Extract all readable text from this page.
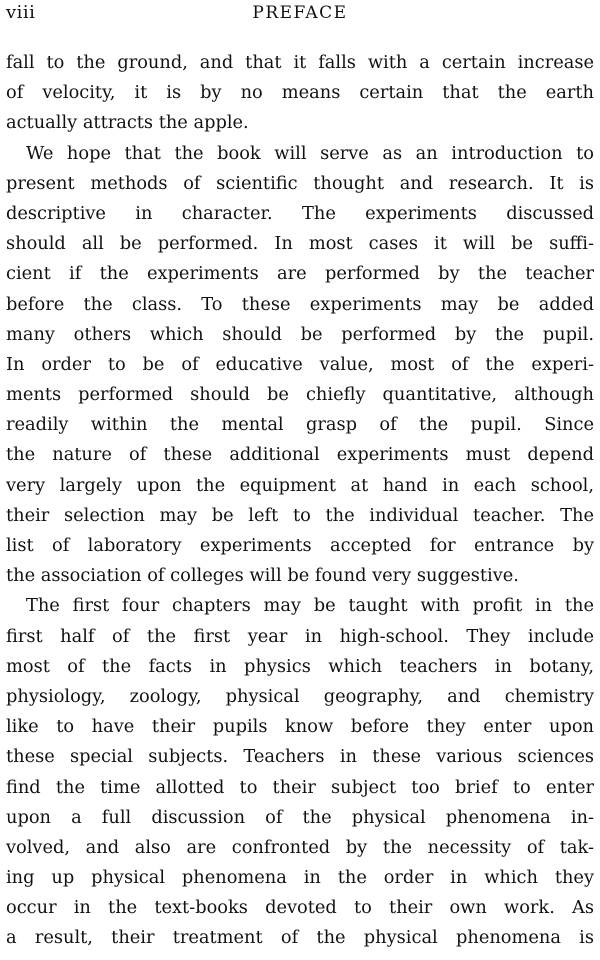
viii	PREFACE
fall to the ground, and that it falls with a certain increase
of velocity, it is by no means certain that the earth
actually attracts the apple.
We hope that the book will serve as an introduction to
present methods of scientific thought and research. It is
descriptive in character. The experiments discussed
should all be performed. In most cases it will be suffi-
cient if the experiments are performed by the teacher
before the class. To these experiments may be added
many others which should be performed by the pupil.
In order to be of educative value, most of the experi-
ments performed should be chiefly quantitative, although
readily within the mental grasp of the pupil. Since
the nature of these additional experiments must depend
very largely upon the equipment at hand in each school,
their selection may be left to the individual teacher. The
list of laboratory experiments accepted for entrance by
the association of colleges will be found very suggestive.
The first four chapters may be taught with profit in the
first half of the first year in high-school. They include
most of the facts in physics which teachers in botany,
physiology, zoology, physical geography, and chemistry
like to have their pupils know before they enter upon
these special subjects. Teachers in these various sciences
find the time allotted to their subject too brief to enter
upon a full discussion of the physical phenomena in-
volved, and also are confronted by the necessity of tak-
ing up physical phenomena in the order in which they
occur in the text-books devoted to their own work. As
a result, their treatment of the physical phenomena is
